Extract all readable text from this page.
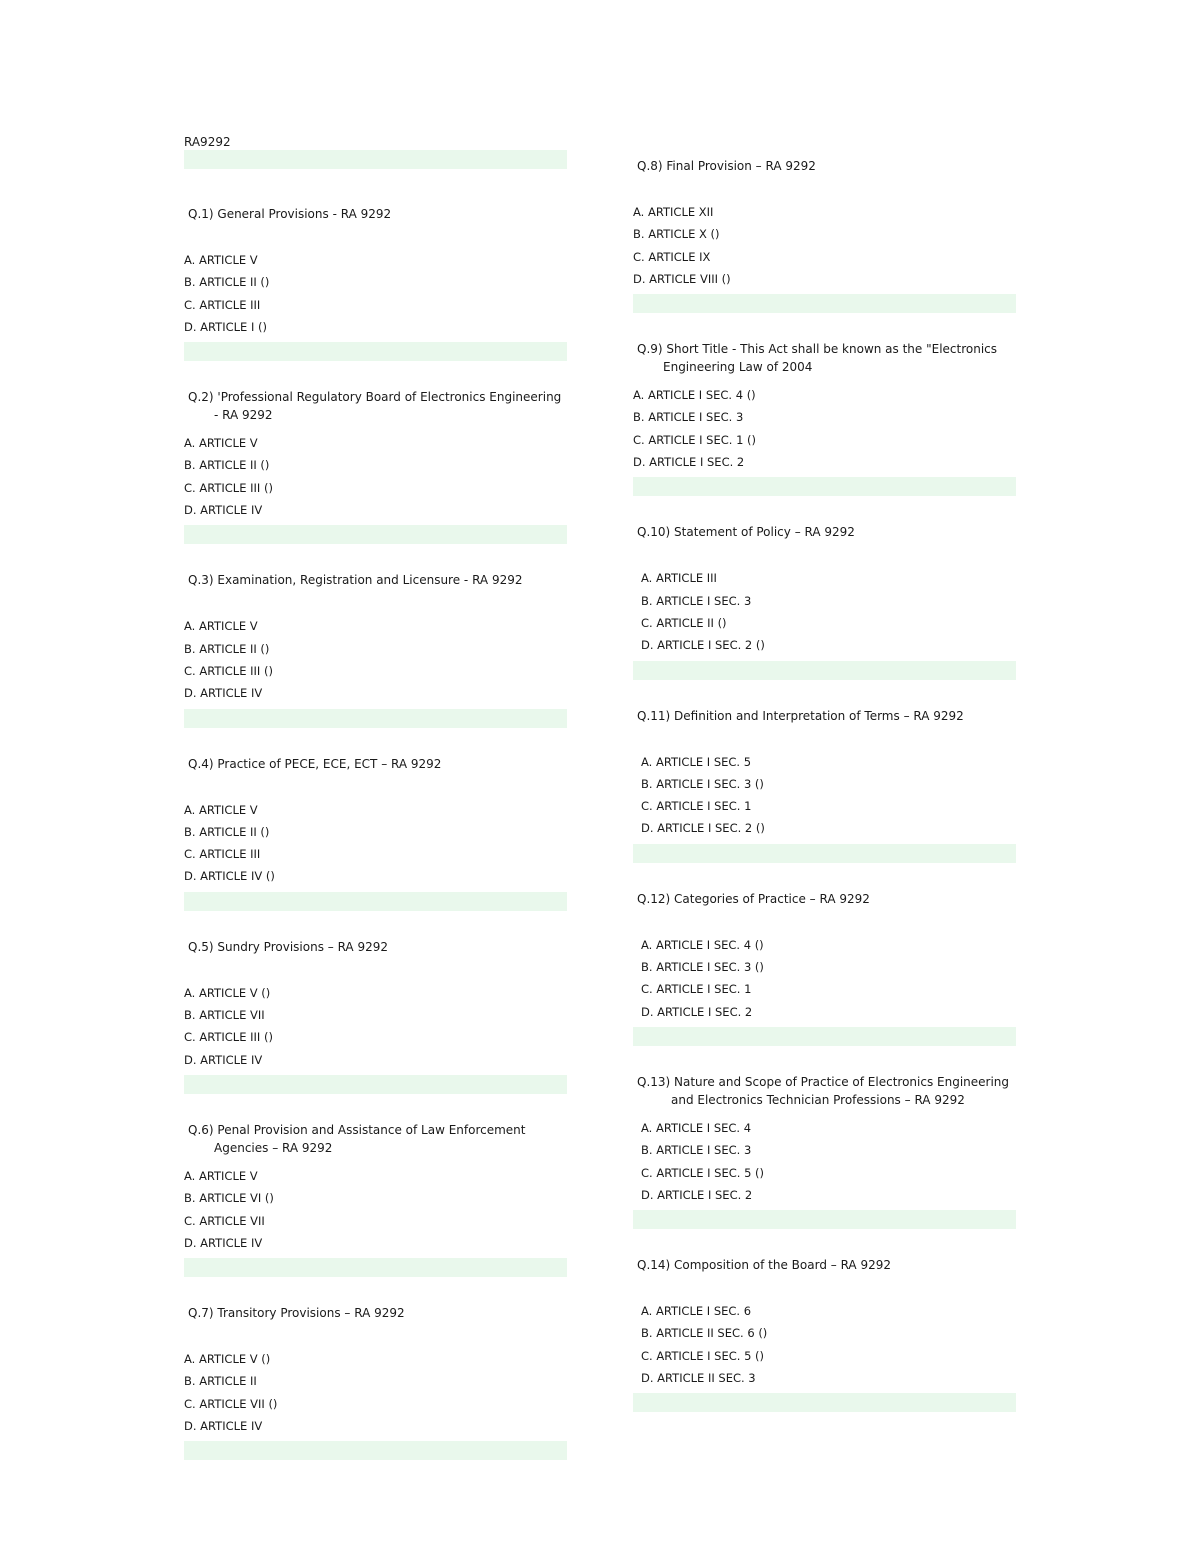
RA9292

Q.1) General Provisions - RA 9292

A. ARTICLE V
B. ARTICLE II ()
C. ARTICLE III
D. ARTICLE I ()

Q.2) 'Professional Regulatory Board of Electronics Engineering - RA 9292

A. ARTICLE V
B. ARTICLE II ()
C. ARTICLE III ()
D. ARTICLE IV

Q.3) Examination, Registration and Licensure - RA 9292

A. ARTICLE V
B. ARTICLE II ()
C. ARTICLE III ()
D. ARTICLE IV

Q.4) Practice of PECE, ECE, ECT – RA 9292

A. ARTICLE V
B. ARTICLE II ()
C. ARTICLE III
D. ARTICLE IV ()

Q.5) Sundry Provisions – RA 9292

A. ARTICLE V ()
B. ARTICLE VII
C. ARTICLE III ()
D. ARTICLE IV

Q.6) Penal Provision and Assistance of Law Enforcement Agencies – RA 9292

A. ARTICLE V
B. ARTICLE VI ()
C. ARTICLE VII
D. ARTICLE IV

Q.7) Transitory Provisions – RA 9292

A. ARTICLE V ()
B. ARTICLE II
C. ARTICLE VII ()
D. ARTICLE IV

Q.8) Final Provision – RA 9292

A. ARTICLE XII
B. ARTICLE X ()
C. ARTICLE IX
D. ARTICLE VIII ()

Q.9) Short Title - This Act shall be known as the "Electronics Engineering Law of 2004

A. ARTICLE I SEC. 4 ()
B. ARTICLE I SEC. 3
C. ARTICLE I SEC. 1 ()
D. ARTICLE I SEC. 2

Q.10) Statement of Policy – RA 9292

A. ARTICLE III
B. ARTICLE I SEC. 3
C. ARTICLE II ()
D. ARTICLE I SEC. 2 ()

Q.11) Definition and Interpretation of Terms – RA 9292

A. ARTICLE I SEC. 5
B. ARTICLE I SEC. 3 ()
C. ARTICLE I SEC. 1
D. ARTICLE I SEC. 2 ()

Q.12) Categories of Practice – RA 9292

A. ARTICLE I SEC. 4 ()
B. ARTICLE I SEC. 3 ()
C. ARTICLE I SEC. 1
D. ARTICLE I SEC. 2

Q.13) Nature and Scope of Practice of Electronics Engineering and Electronics Technician Professions – RA 9292

A. ARTICLE I SEC. 4
B. ARTICLE I SEC. 3
C. ARTICLE I SEC. 5 ()
D. ARTICLE I SEC. 2

Q.14) Composition of the Board – RA 9292

A. ARTICLE I SEC. 6
B. ARTICLE II SEC. 6 ()
C. ARTICLE I SEC. 5 ()
D. ARTICLE II SEC. 3
